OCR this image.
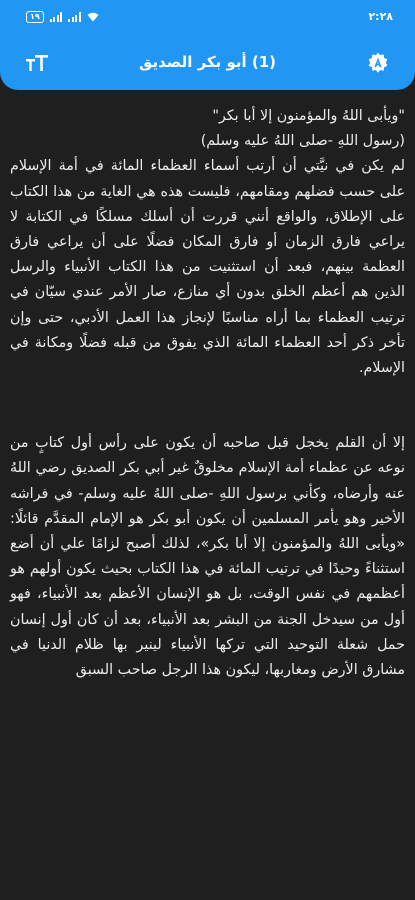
١٩	٢:٢٨
(1) أبو بكر الصديق

"ويأبى اللهُ والمؤمنون إلا أبا بكر"

(رسول اللهِ -صلى اللهُ عليه وسلم)

لم يكن في نيَّتي أن أرتب أسماء العظماء المائة في أمة الإسلام على حسب فضلهم ومقامهم، فليست هذه هي الغاية من هذا الكتاب على الإطلاق، والواقع أنني قررت أن أسلك مسلكًا في الكتابة لا يراعي فارق الزمان أو فارق المكان فضلًا على أن يراعي فارق العظمة بينهم، فبعد أن استثنيت من هذا الكتاب الأنبياء والرسل الذين هم أعظم الخلق بدون أي منازع، صار الأمر عندي سيّان في ترتيب العظماء بما أراه مناسبًا لإنجاز هذا العمل الأدبي، حتى وإن تأخر ذكر أحد العظماء المائة الذي يفوق من قبله فضلًا ومكانة في الإسلام.

إلا أن القلم يخجل قبل صاحبه أن يكون على رأس أول كتابٍ من نوعه عن عظماء أمة الإسلام مخلوقٌ غير أبي بكر الصديق رضي اللهُ عنه وأرضاه، وكأني برسول اللهِ -صلى اللهُ عليه وسلم- في فراشه الأخير وهو يأمر المسلمين أن يكون أبو بكر هو الإمام المقدَّم قائلًا: «ويأبى اللهُ والمؤمنون إلا أبا بكر»، لذلك أصبح لزامًا علي أن أضع استثناءً وحيدًا في ترتيب المائة في هذا الكتاب بحيث يكون أولهم هو أعظمهم في نفس الوقت، بل هو الإنسان الأعظم بعد الأنبياء، فهو أول من سيدخل الجنة من البشر بعد الأنبياء، بعد أن كان أول إنسان حمل شعلة التوحيد التي تركها الأنبياء لينير بها ظلام الدنيا في مشارق الأرض ومغاربها، ليكون هذا الرجل صاحب السبق
